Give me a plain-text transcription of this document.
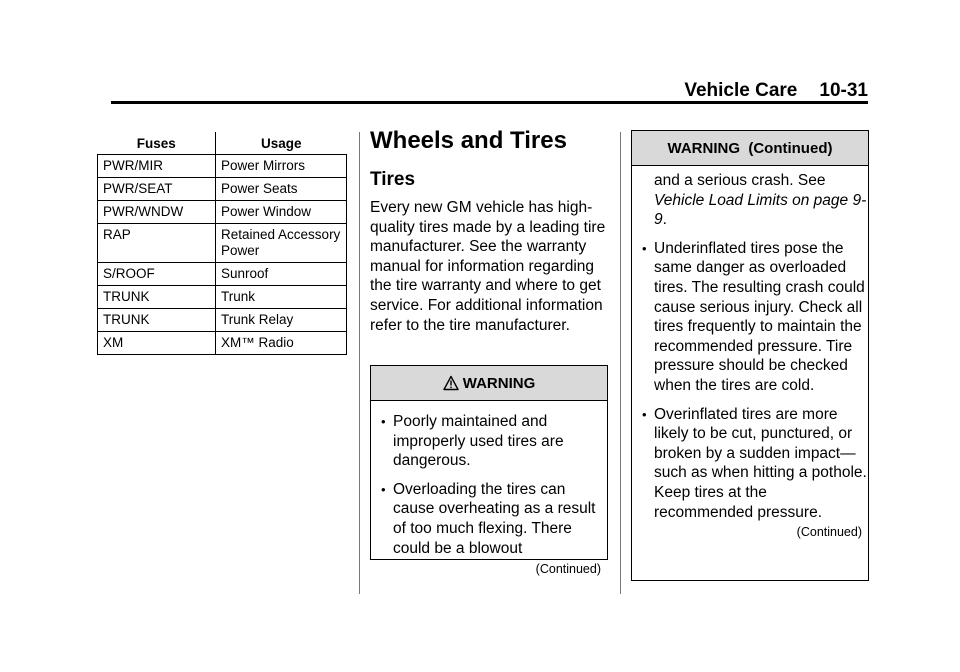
Vehicle Care 10-31
Fuses	Usage
PWR/MIR	Power Mirrors
PWR/SEAT	Power Seats
PWR/WNDW	Power Window
RAP	Retained Accessory Power
S/ROOF	Sunroof
TRUNK	Trunk
TRUNK	Trunk Relay
XM	XM™ Radio
Wheels and Tires
Tires

Every new GM vehicle has high-quality tires made by a leading tire manufacturer. See the warranty manual for information regarding the tire warranty and where to get service. For additional information refer to the tire manufacturer.

WARNING
• Poorly maintained and improperly used tires are dangerous.
• Overloading the tires can cause overheating as a result of too much flexing. There could be a blowout
(Continued)
WARNING  (Continued)
and a serious crash. See Vehicle Load Limits on page 9-9.
• Underinflated tires pose the same danger as overloaded tires. The resulting crash could cause serious injury. Check all tires frequently to maintain the recommended pressure. Tire pressure should be checked when the tires are cold.
• Overinflated tires are more likely to be cut, punctured, or broken by a sudden impact— such as when hitting a pothole. Keep tires at the recommended pressure.
(Continued)
